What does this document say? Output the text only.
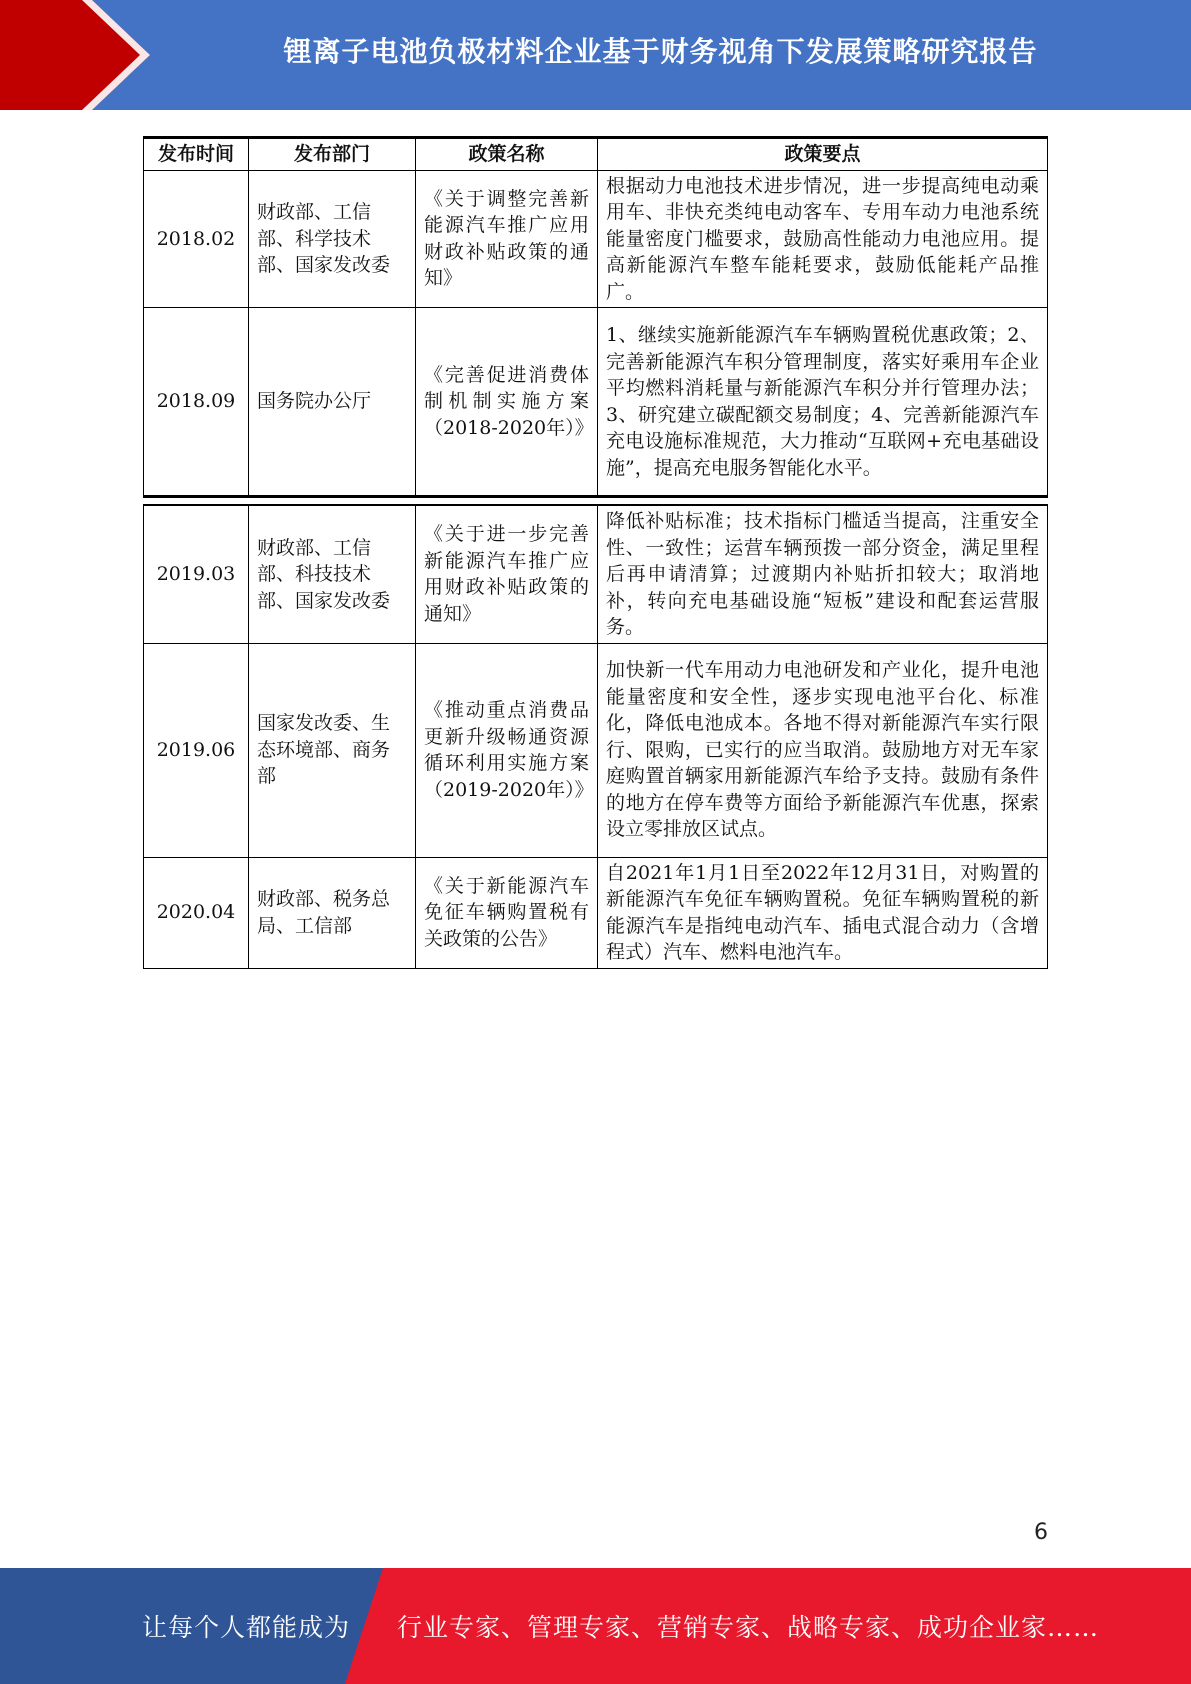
锂离子电池负极材料企业基于财务视角下发展策略研究报告
发布时间	发布部门	政策名称	政策要点
2018.02	财政部、工信部、科学技术部、国家发改委	《关于调整完善新能源汽车推广应用财政补贴政策的通知》	根据动力电池技术进步情况，进一步提高纯电动乘用车、非快充类纯电动客车、专用车动力电池系统能量密度门槛要求，鼓励高性能动力电池应用。提高新能源汽车整车能耗要求，鼓励低能耗产品推广。
2018.09	国务院办公厅	《完善促进消费体制机制实施方案（2018-2020年）》	1、继续实施新能源汽车车辆购置税优惠政策；2、完善新能源汽车积分管理制度，落实好乘用车企业平均燃料消耗量与新能源汽车积分并行管理办法；3、研究建立碳配额交易制度；4、完善新能源汽车充电设施标准规范，大力推动“互联网+充电基础设施”，提高充电服务智能化水平。
2019.03	财政部、工信部、科技技术部、国家发改委	《关于进一步完善新能源汽车推广应用财政补贴政策的通知》	降低补贴标准；技术指标门槛适当提高，注重安全性、一致性；运营车辆预拨一部分资金，满足里程后再申请清算；过渡期内补贴折扣较大；取消地补，转向充电基础设施“短板”建设和配套运营服务。
2019.06	国家发改委、生态环境部、商务部	《推动重点消费品更新升级畅通资源循环利用实施方案（2019-2020年）》	加快新一代车用动力电池研发和产业化，提升电池能量密度和安全性，逐步实现电池平台化、标准化，降低电池成本。各地不得对新能源汽车实行限行、限购，已实行的应当取消。鼓励地方对无车家庭购置首辆家用新能源汽车给予支持。鼓励有条件的地方在停车费等方面给予新能源汽车优惠，探索设立零排放区试点。
2020.04	财政部、税务总局、工信部	《关于新能源汽车免征车辆购置税有关政策的公告》	自2021年1月1日至2022年12月31日，对购置的新能源汽车免征车辆购置税。免征车辆购置税的新能源汽车是指纯电动汽车、插电式混合动力（含增程式）汽车、燃料电池汽车。
6
让每个人都能成为 行业专家、管理专家、营销专家、战略专家、成功企业家……
